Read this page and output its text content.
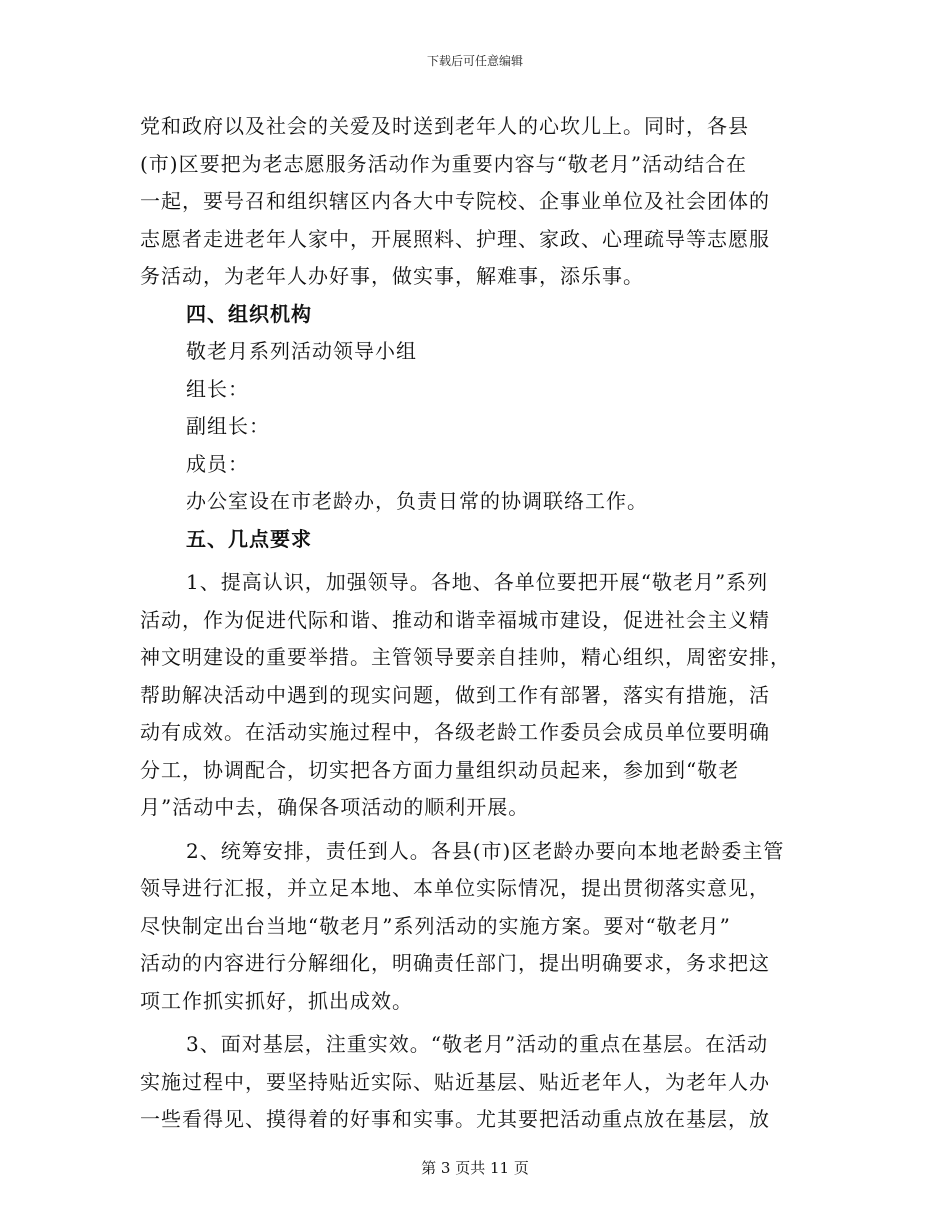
下载后可任意编辑
党和政府以及社会的关爱及时送到老年人的心坎儿上。同时，各县
(市)区要把为老志愿服务活动作为重要内容与“敬老月”活动结合在
一起，要号召和组织辖区内各大中专院校、企事业单位及社会团体的
志愿者走进老年人家中，开展照料、护理、家政、心理疏导等志愿服
务活动，为老年人办好事，做实事，解难事，添乐事。
四、组织机构
敬老月系列活动领导小组
组长：
副组长：
成员：
办公室设在市老龄办，负责日常的协调联络工作。
五、几点要求
1、提高认识，加强领导。各地、各单位要把开展“敬老月”系列
活动，作为促进代际和谐、推动和谐幸福城市建设，促进社会主义精
神文明建设的重要举措。主管领导要亲自挂帅，精心组织，周密安排，
帮助解决活动中遇到的现实问题，做到工作有部署，落实有措施，活
动有成效。在活动实施过程中，各级老龄工作委员会成员单位要明确
分工，协调配合，切实把各方面力量组织动员起来，参加到“敬老
月”活动中去，确保各项活动的顺利开展。
2、统筹安排，责任到人。各县(市)区老龄办要向本地老龄委主管
领导进行汇报，并立足本地、本单位实际情况，提出贯彻落实意见，
尽快制定出台当地“敬老月”系列活动的实施方案。要对“敬老月”
活动的内容进行分解细化，明确责任部门，提出明确要求，务求把这
项工作抓实抓好，抓出成效。
3、面对基层，注重实效。“敬老月”活动的重点在基层。在活动
实施过程中，要坚持贴近实际、贴近基层、贴近老年人，为老年人办
一些看得见、摸得着的好事和实事。尤其要把活动重点放在基层，放
第 3 页共 11 页
